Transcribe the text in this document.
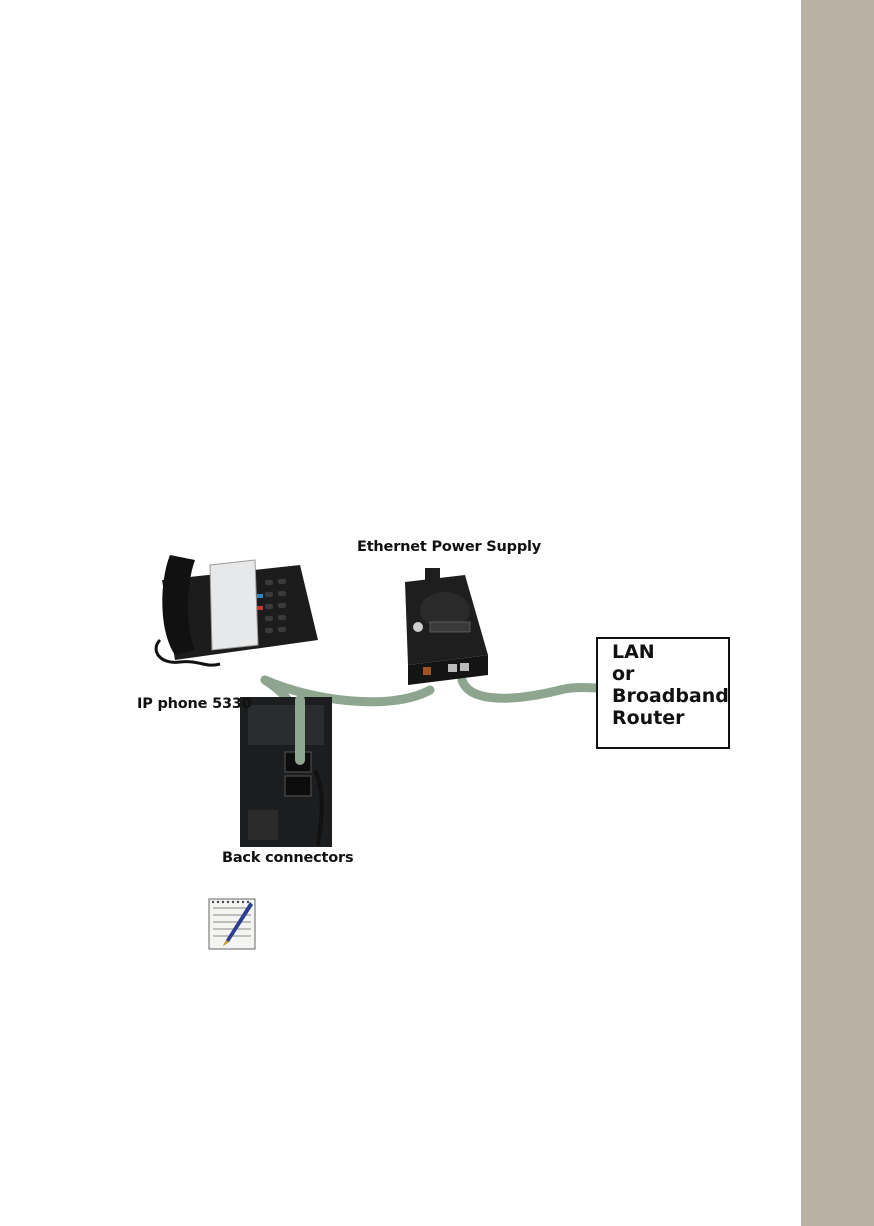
Ethernet Power Supply
IP phone 5330
Back connectors
LAN
or
Broadband
Router
